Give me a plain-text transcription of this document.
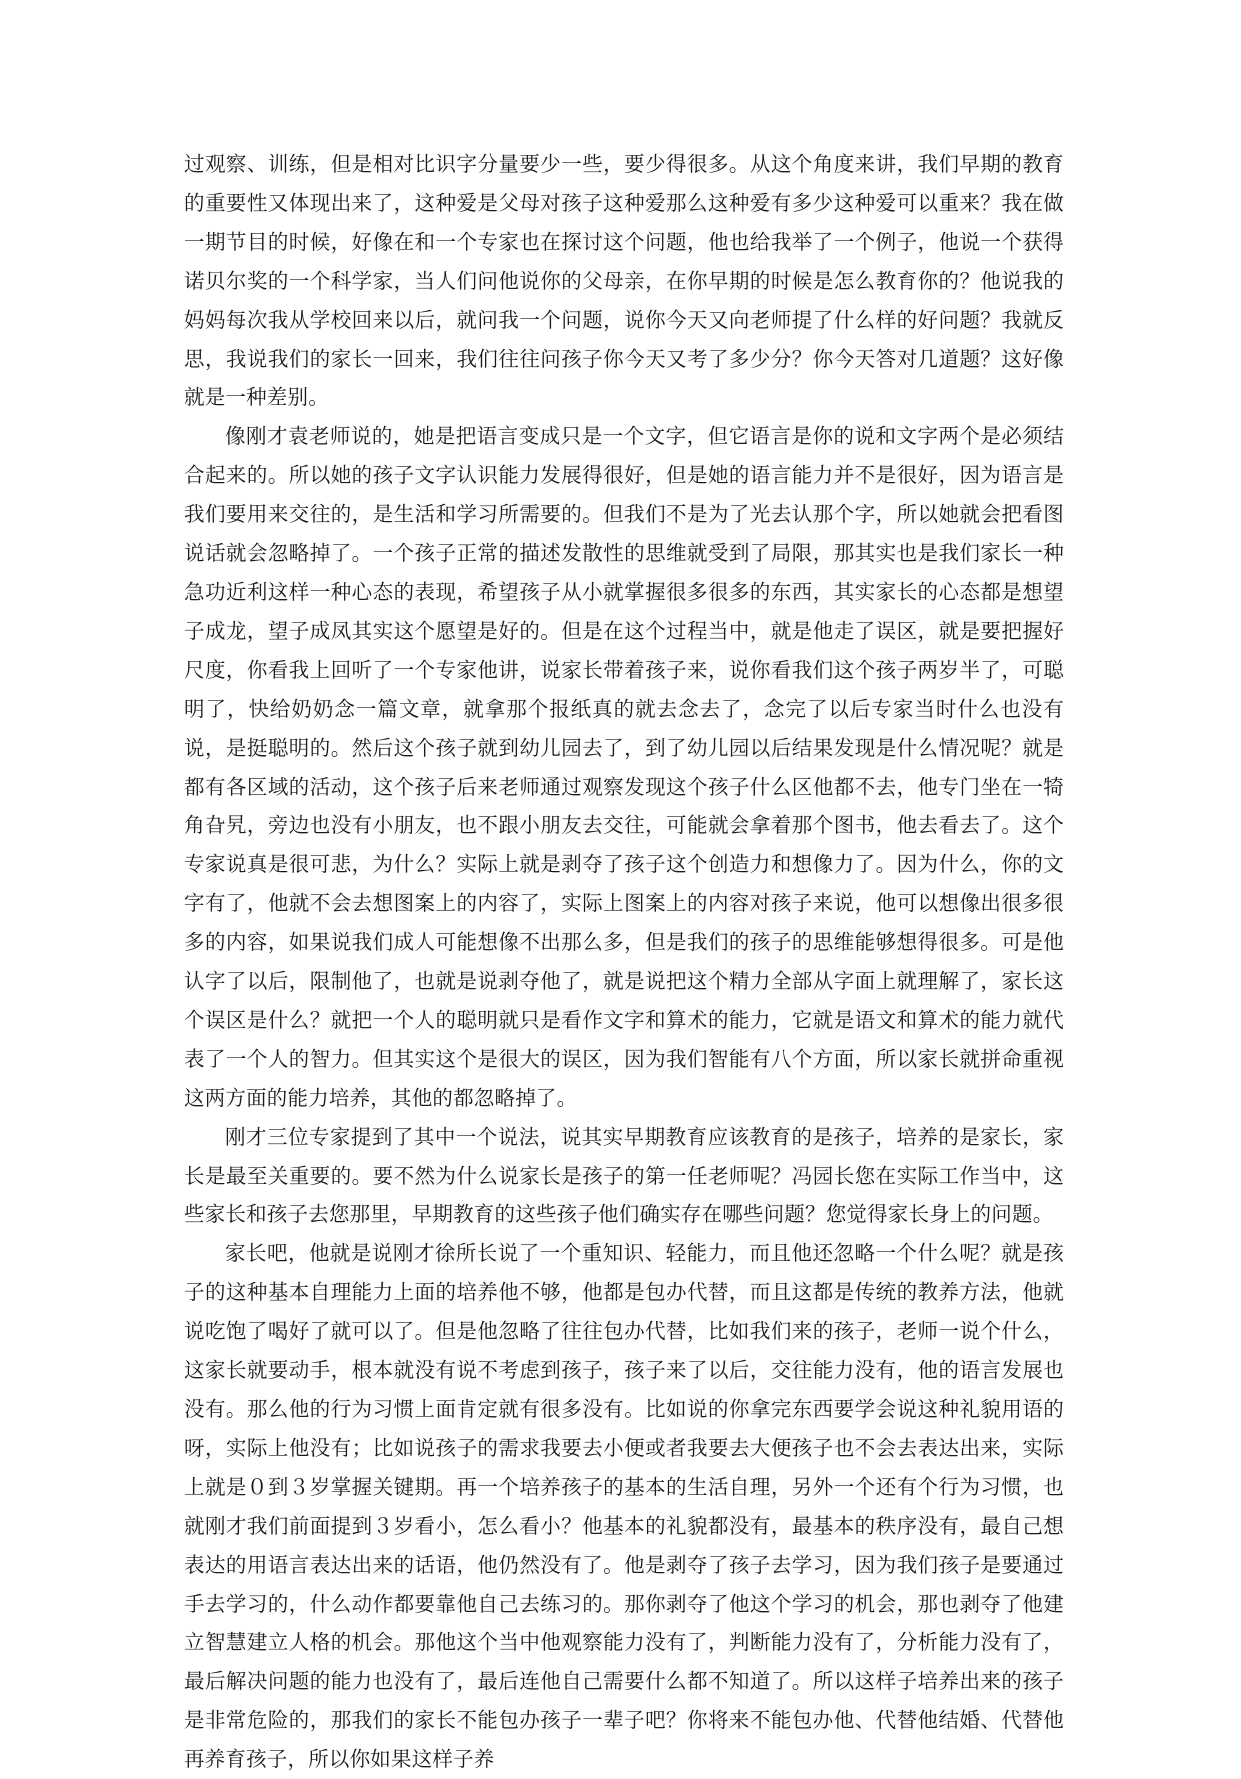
过观察、训练，但是相对比识字分量要少一些，要少得很多。从这个角度来讲，我们早期的教育的重要性又体现出来了，这种爱是父母对孩子这种爱那么这种爱有多少这种爱可以重来？我在做一期节目的时候，好像在和一个专家也在探讨这个问题，他也给我举了一个例子，他说一个获得诺贝尔奖的一个科学家，当人们问他说你的父母亲，在你早期的时候是怎么教育你的？他说我的妈妈每次我从学校回来以后，就问我一个问题，说你今天又向老师提了什么样的好问题？我就反思，我说我们的家长一回来，我们往往问孩子你今天又考了多少分？你今天答对几道题？这好像就是一种差别。

像刚才袁老师说的，她是把语言变成只是一个文字，但它语言是你的说和文字两个是必须结合起来的。所以她的孩子文字认识能力发展得很好，但是她的语言能力并不是很好，因为语言是我们要用来交往的，是生活和学习所需要的。但我们不是为了光去认那个字，所以她就会把看图说话就会忽略掉了。一个孩子正常的描述发散性的思维就受到了局限，那其实也是我们家长一种急功近利这样一种心态的表现，希望孩子从小就掌握很多很多的东西，其实家长的心态都是想望子成龙，望子成凤其实这个愿望是好的。但是在这个过程当中，就是他走了误区，就是要把握好尺度，你看我上回听了一个专家他讲，说家长带着孩子来，说你看我们这个孩子两岁半了，可聪明了，快给奶奶念一篇文章，就拿那个报纸真的就去念去了，念完了以后专家当时什么也没有说，是挺聪明的。然后这个孩子就到幼儿园去了，到了幼儿园以后结果发现是什么情况呢？就是都有各区域的活动，这个孩子后来老师通过观察发现这个孩子什么区他都不去，他专门坐在一犄角旮旯，旁边也没有小朋友，也不跟小朋友去交往，可能就会拿着那个图书，他去看去了。这个专家说真是很可悲，为什么？实际上就是剥夺了孩子这个创造力和想像力了。因为什么，你的文字有了，他就不会去想图案上的内容了，实际上图案上的内容对孩子来说，他可以想像出很多很多的内容，如果说我们成人可能想像不出那么多，但是我们的孩子的思维能够想得很多。可是他认字了以后，限制他了，也就是说剥夺他了，就是说把这个精力全部从字面上就理解了，家长这个误区是什么？就把一个人的聪明就只是看作文字和算术的能力，它就是语文和算术的能力就代表了一个人的智力。但其实这个是很大的误区，因为我们智能有八个方面，所以家长就拼命重视这两方面的能力培养，其他的都忽略掉了。

刚才三位专家提到了其中一个说法，说其实早期教育应该教育的是孩子，培养的是家长，家长是最至关重要的。要不然为什么说家长是孩子的第一任老师呢？冯园长您在实际工作当中，这些家长和孩子去您那里，早期教育的这些孩子他们确实存在哪些问题？您觉得家长身上的问题。

家长吧，他就是说刚才徐所长说了一个重知识、轻能力，而且他还忽略一个什么呢？就是孩子的这种基本自理能力上面的培养他不够，他都是包办代替，而且这都是传统的教养方法，他就说吃饱了喝好了就可以了。但是他忽略了往往包办代替，比如我们来的孩子，老师一说个什么，这家长就要动手，根本就没有说不考虑到孩子，孩子来了以后，交往能力没有，他的语言发展也没有。那么他的行为习惯上面肯定就有很多没有。比如说的你拿完东西要学会说这种礼貌用语的呀，实际上他没有；比如说孩子的需求我要去小便或者我要去大便孩子也不会去表达出来，实际上就是０到３岁掌握关键期。再一个培养孩子的基本的生活自理，另外一个还有个行为习惯，也就刚才我们前面提到３岁看小，怎么看小？他基本的礼貌都没有，最基本的秩序没有，最自己想表达的用语言表达出来的话语，他仍然没有了。他是剥夺了孩子去学习，因为我们孩子是要通过手去学习的，什么动作都要靠他自己去练习的。那你剥夺了他这个学习的机会，那也剥夺了他建立智慧建立人格的机会。那他这个当中他观察能力没有了，判断能力没有了，分析能力没有了，最后解决问题的能力也没有了，最后连他自己需要什么都不知道了。所以这样子培养出来的孩子是非常危险的，那我们的家长不能包办孩子一辈子吧？你将来不能包办他、代替他结婚、代替他再养育孩子，所以你如果这样子养
